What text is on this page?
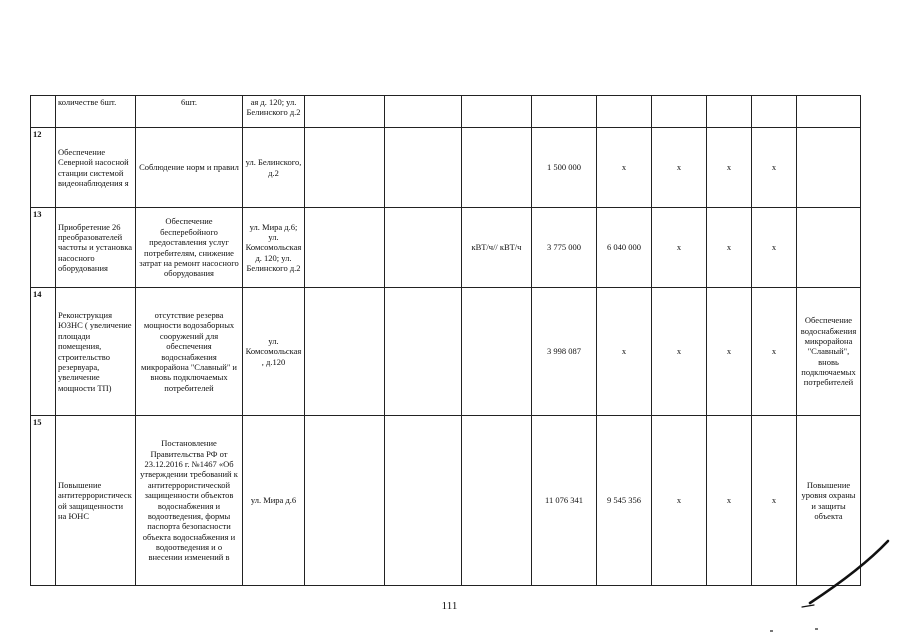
	количестве 6шт.	6шт.	ая д. 120; ул. Белинского д.2									
12	Обеспечение Северной насосной станции системой видеонаблюдения я	Соблюдение норм и правил	ул. Белинского, д.2				1 500 000	х	х	х	х	
13	Приобретение 26 преобразователей частоты и установка насосного оборудования	Обеспечение бесперебойного предоставления услуг потребителям, снижение затрат на ремонт насосного оборудования	ул. Мира д.6; ул. Комсомольская д. 120; ул. Белинского д.2			кВТ/ч// кВТ/ч	3 775 000	6 040 000	х	х	х	
14	Реконструкция ЮЗНС ( увеличение площади помещения, строительство резервуара, увеличение мощности ТП)	отсутствие резерва мощности водозаборных сооружений для обеспечения водоснабжения микрорайона "Славный" и вновь подключаемых потребителей	ул. Комсомольская, д.120				3 998 087	х	х	х	х	Обеспечение водоснабжения микрорайона "Славный", вновь подключаемых потребителей
15	Повышение антитеррористической защищенности на ЮНС	Постановление Правительства РФ от 23.12.2016 г. №1467 «Об утверждении требований к антитеррористической защищенности объектов водоснабжения и водоотведения, формы паспорта безопасности объекта водоснабжения и водоотведения и о внесении изменений в	ул. Мира д.6				11 076 341	9 545 356	х	х	х	Повышение уровня охраны и защиты объекта
111
